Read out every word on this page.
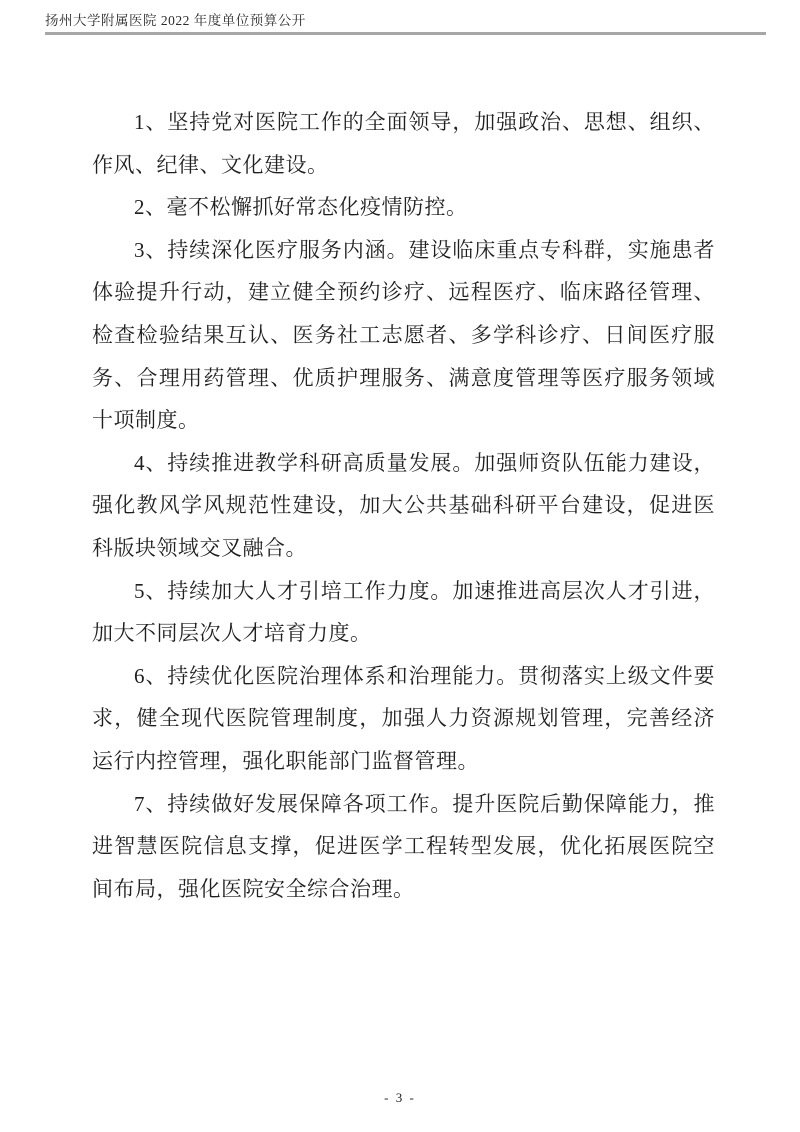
扬州大学附属医院 2022 年度单位预算公开

1、坚持党对医院工作的全面领导，加强政治、思想、组织、作风、纪律、文化建设。

2、毫不松懈抓好常态化疫情防控。

3、持续深化医疗服务内涵。建设临床重点专科群，实施患者体验提升行动，建立健全预约诊疗、远程医疗、临床路径管理、检查检验结果互认、医务社工志愿者、多学科诊疗、日间医疗服务、合理用药管理、优质护理服务、满意度管理等医疗服务领域十项制度。

4、持续推进教学科研高质量发展。加强师资队伍能力建设，强化教风学风规范性建设，加大公共基础科研平台建设，促进医科版块领域交叉融合。

5、持续加大人才引培工作力度。加速推进高层次人才引进，加大不同层次人才培育力度。

6、持续优化医院治理体系和治理能力。贯彻落实上级文件要求，健全现代医院管理制度，加强人力资源规划管理，完善经济运行内控管理，强化职能部门监督管理。

7、持续做好发展保障各项工作。提升医院后勤保障能力，推进智慧医院信息支撑，促进医学工程转型发展，优化拓展医院空间布局，强化医院安全综合治理。

- 3 -
